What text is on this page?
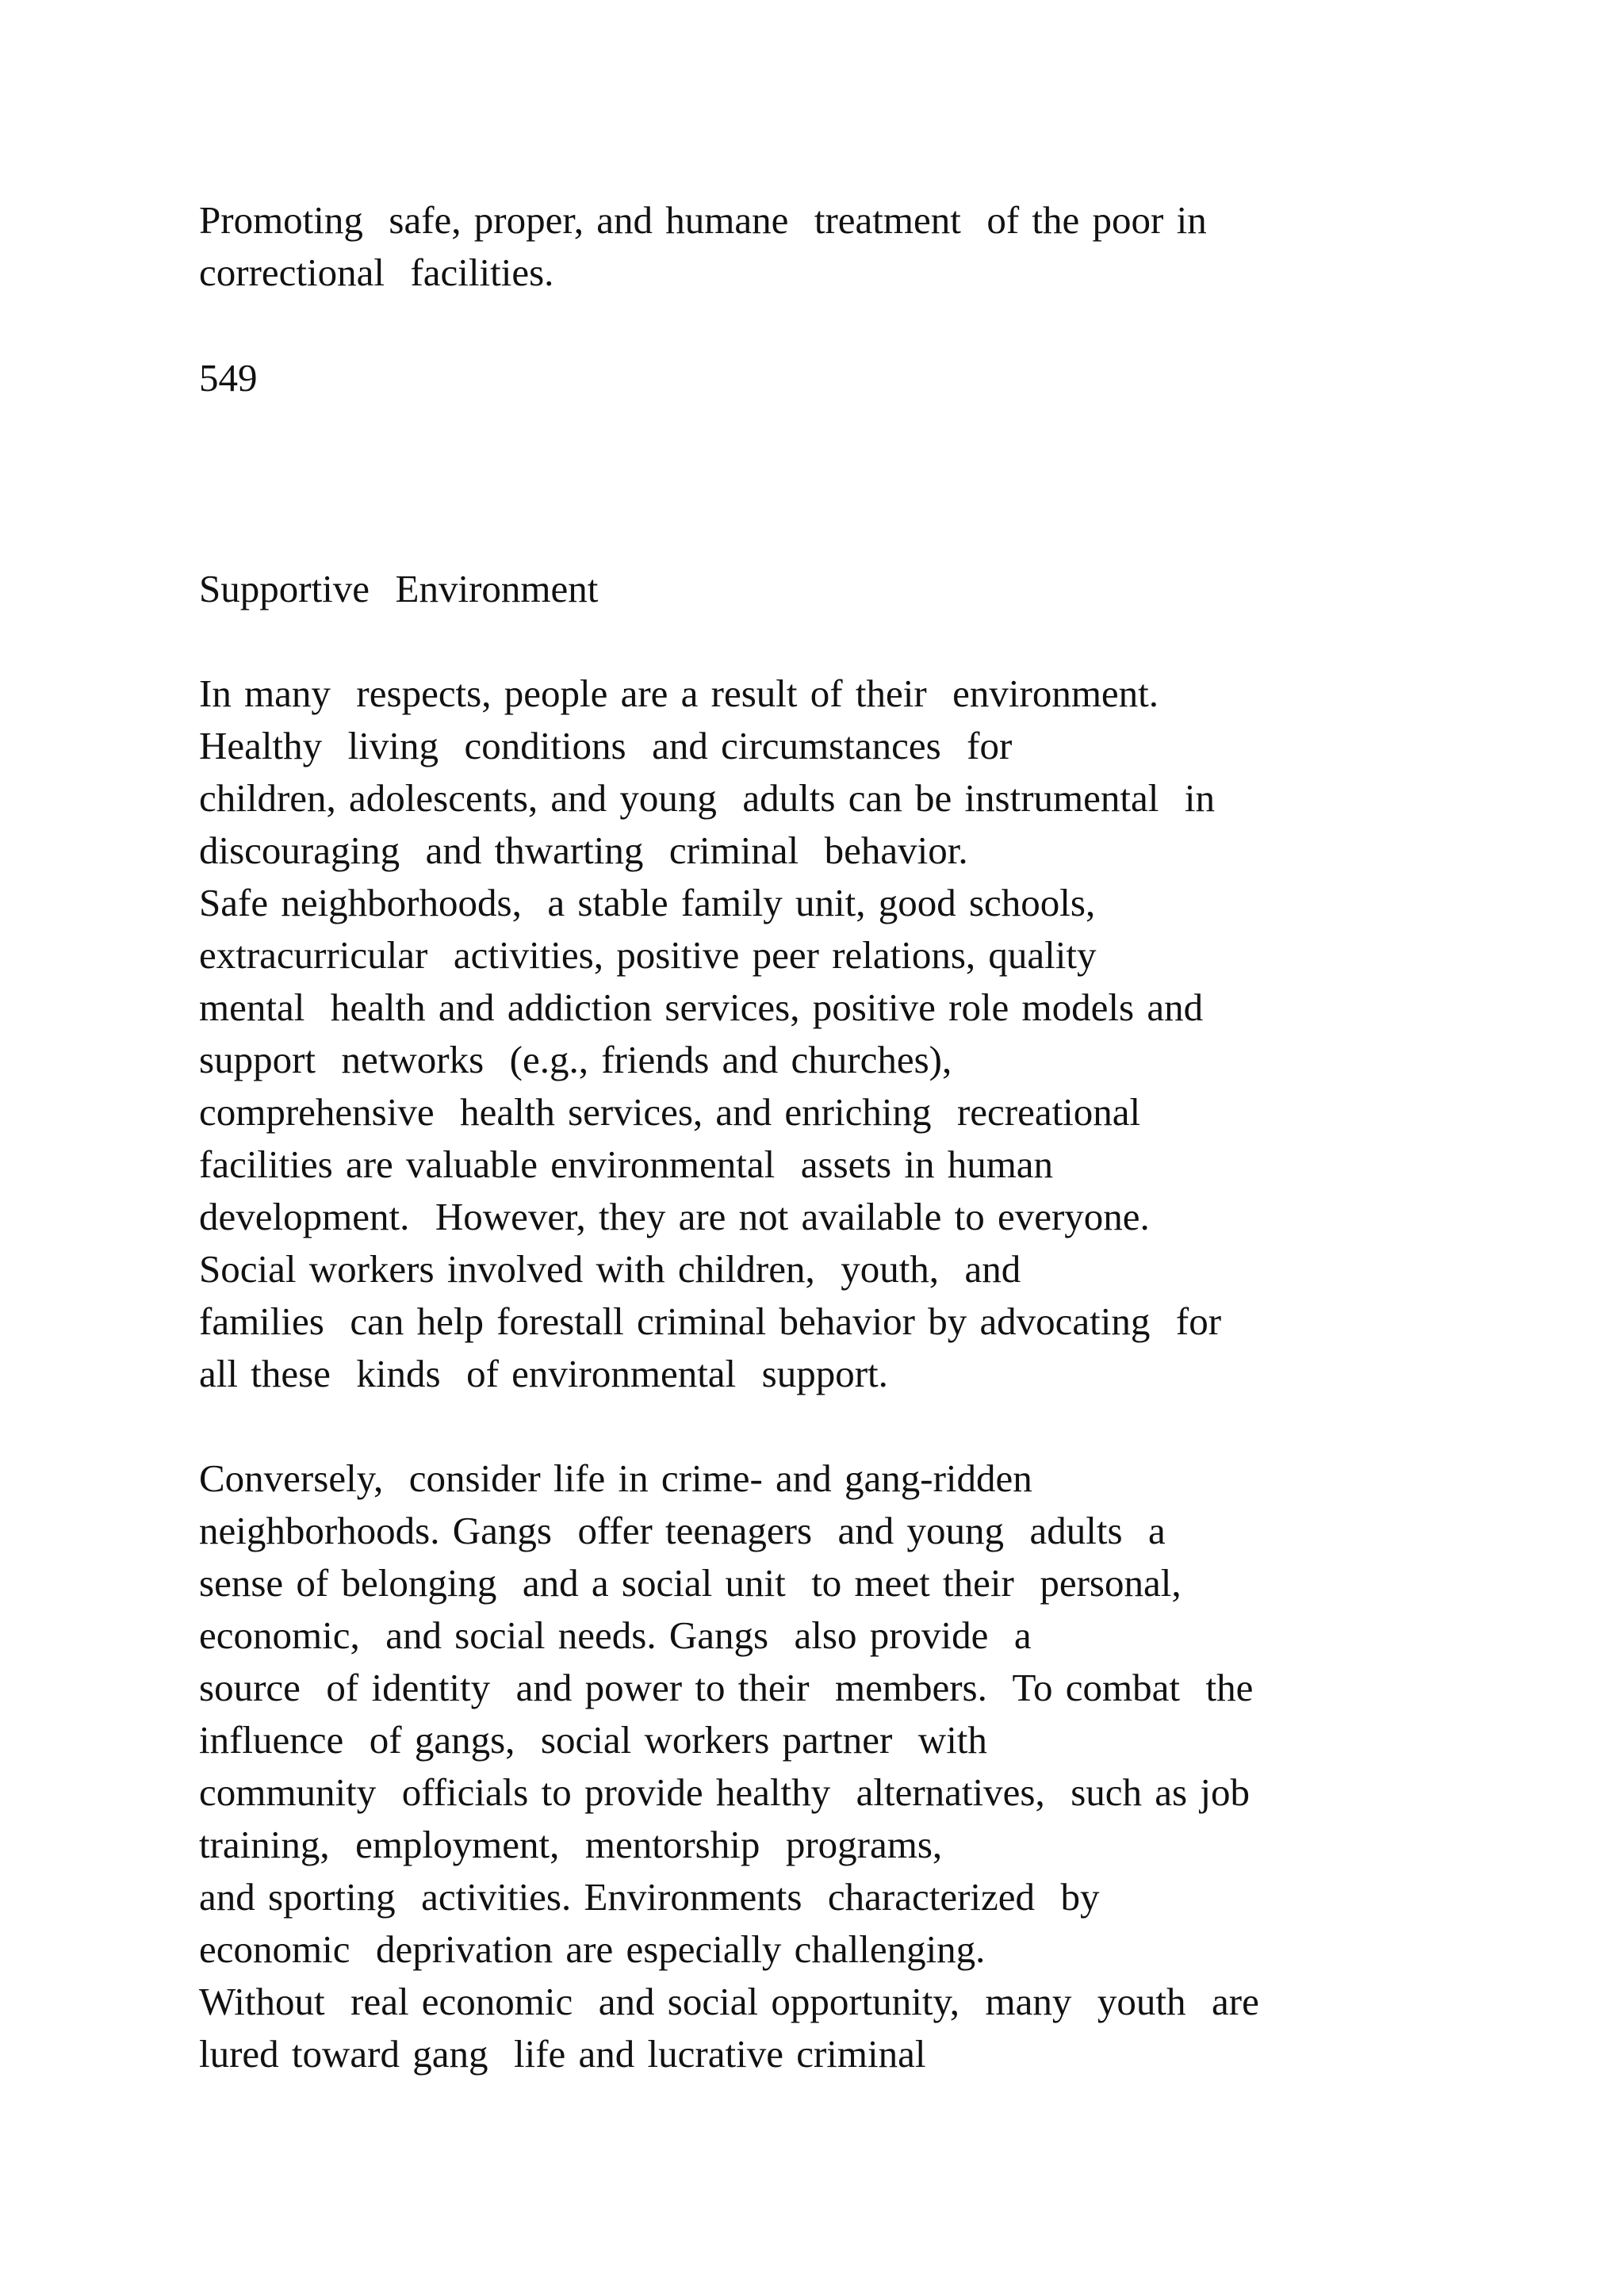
Promoting  safe, proper, and humane  treatment  of the poor in
correctional  facilities.
549
Supportive  Environment
In many  respects, people are a result of their  environment.
Healthy  living  conditions  and circumstances  for
children, adolescents, and young  adults can be instrumental  in
discouraging  and thwarting  criminal  behavior.
Safe neighborhoods,  a stable family unit, good schools,
extracurricular  activities, positive peer relations, quality
mental  health and addiction services, positive role models and
support  networks  (e.g., friends and churches),
comprehensive  health services, and enriching  recreational
facilities are valuable environmental  assets in human
development.  However, they are not available to everyone.
Social workers involved with children,  youth,  and
families  can help forestall criminal behavior by advocating  for
all these  kinds  of environmental  support.
Conversely,  consider life in crime- and gang-ridden
neighborhoods. Gangs  offer teenagers  and young  adults  a
sense of belonging  and a social unit  to meet their  personal,
economic,  and social needs. Gangs  also provide  a
source  of identity  and power to their  members.  To combat  the
influence  of gangs,  social workers partner  with
community  officials to provide healthy  alternatives,  such as job
training,  employment,  mentorship  programs,
and sporting  activities. Environments  characterized  by
economic  deprivation are especially challenging.
Without  real economic  and social opportunity,  many  youth  are
lured toward gang  life and lucrative criminal
